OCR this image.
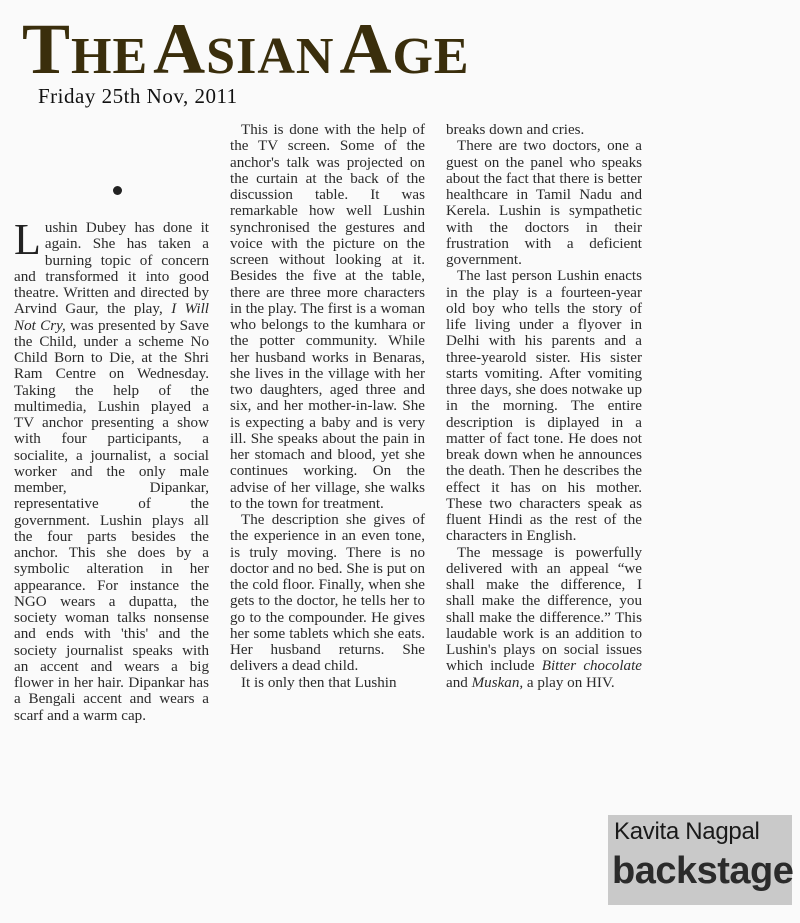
THE ASIAN AGE
Friday 25th Nov, 2011

Lushin Dubey has done it again. She has taken a burning topic of concern and transformed it into good theatre. Written and directed by Arvind Gaur, the play, I Will Not Cry, was presented by Save the Child, under a scheme No Child Born to Die, at the Shri Ram Centre on Wednesday. Taking the help of the multimedia, Lushin played a TV anchor presenting a show with four participants, a socialite, a journalist, a social worker and the only male member, Dipankar, representative of the government. Lushin plays all the four parts besides the anchor. This she does by a symbolic alteration in her appearance. For instance the NGO wears a dupatta, the society woman talks nonsense and ends with 'this' and the society journalist speaks with an accent and wears a big flower in her hair. Dipankar has a Bengali accent and wears a scarf and a warm cap.

This is done with the help of the TV screen. Some of the anchor's talk was projected on the curtain at the back of the discussion table. It was remarkable how well Lushin synchronised the gestures and voice with the picture on the screen without looking at it. Besides the five at the table, there are three more characters in the play. The first is a woman who belongs to the kumhara or the potter community. While her husband works in Benaras, she lives in the village with her two daughters, aged three and six, and her mother-in-law. She is expecting a baby and is very ill. She speaks about the pain in her stomach and blood, yet she continues working. On the advise of her village, she walks to the town for treatment.

The description she gives of the experience in an even tone, is truly moving. There is no doctor and no bed. She is put on the cold floor. Finally, when she gets to the doctor, he tells her to go to the compounder. He gives her some tablets which she eats. Her husband returns. She delivers a dead child.

It is only then that Lushin

breaks down and cries.

There are two doctors, one a guest on the panel who speaks about the fact that there is better healthcare in Tamil Nadu and Kerela. Lushin is sympathetic with the doctors in their frustration with a deficient government.

The last person Lushin enacts in the play is a fourteen-year old boy who tells the story of life living under a flyover in Delhi with his parents and a three-yearold sister. His sister starts vomiting. After vomiting three days, she does notwake up in the morning. The entire description is diplayed in a matter of fact tone. He does not break down when he announces the death. Then he describes the effect it has on his mother. These two characters speak as fluent Hindi as the rest of the characters in English.

The message is powerfully delivered with an appeal “we shall make the difference, I shall make the difference, you shall make the difference.” This laudable work is an addition to Lushin's plays on social issues which include Bitter chocolate and Muskan, a play on HIV.

Kavita Nagpal
backstage
